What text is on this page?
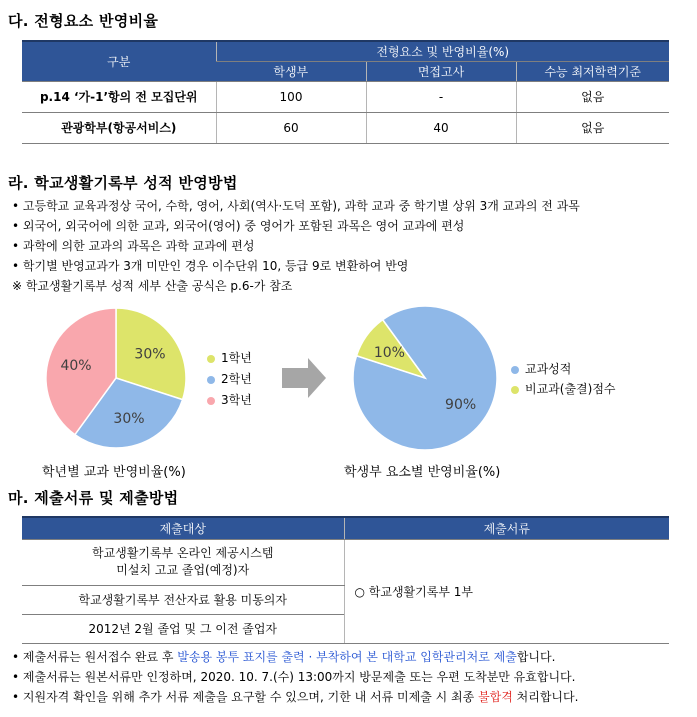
다. 전형요소 반영비율
구분	전형요소 및 반영비율(%)		
	학생부	면접고사	수능 최저학력기준
p.14 ‘가-1’항의 전 모집단위	100	-	없음
관광학부(항공서비스)	60	40	없음
라. 학교생활기록부 성적 반영방법
• 고등학교 교육과정상 국어, 수학, 영어, 사회(역사·도덕 포함), 과학 교과 중 학기별 상위 3개 교과의 전 과목
• 외국어, 외국어에 의한 교과, 외국어(영어) 중 영어가 포함된 과목은 영어 교과에 편성
• 과학에 의한 교과의 과목은 과학 교과에 편성
• 학기별 반영교과가 3개 미만인 경우 이수단위 10, 등급 9로 변환하여 반영
※ 학교생활기록부 성적 세부 산출 공식은 p.6-가 참조
30%
30%
40%
90%
10%
1학년
2학년
3학년
교과성적
비교과(출결)점수
학년별 교과 반영비율(%)	학생부 요소별 반영비율(%)
마. 제출서류 및 제출방법
제출대상	제출서류

학교생활기록부 온라인 제공시스템
미설치 고교 졸업(예정)자	○ 학교생활기록부 1부
학교생활기록부 전산자료 활용 미동의자	
2012년 2월 졸업 및 그 이전 졸업자	
• 제출서류는 원서접수 완료 후 발송용 봉투 표지를 출력 · 부착하여 본 대학교 입학관리처로 제출합니다.
• 제출서류는 원본서류만 인정하며, 2020. 10. 7.(수) 13:00까지 방문제출 또는 우편 도착분만 유효합니다.
• 지원자격 확인을 위해 추가 서류 제출을 요구할 수 있으며, 기한 내 서류 미제출 시 최종 불합격 처리합니다.
